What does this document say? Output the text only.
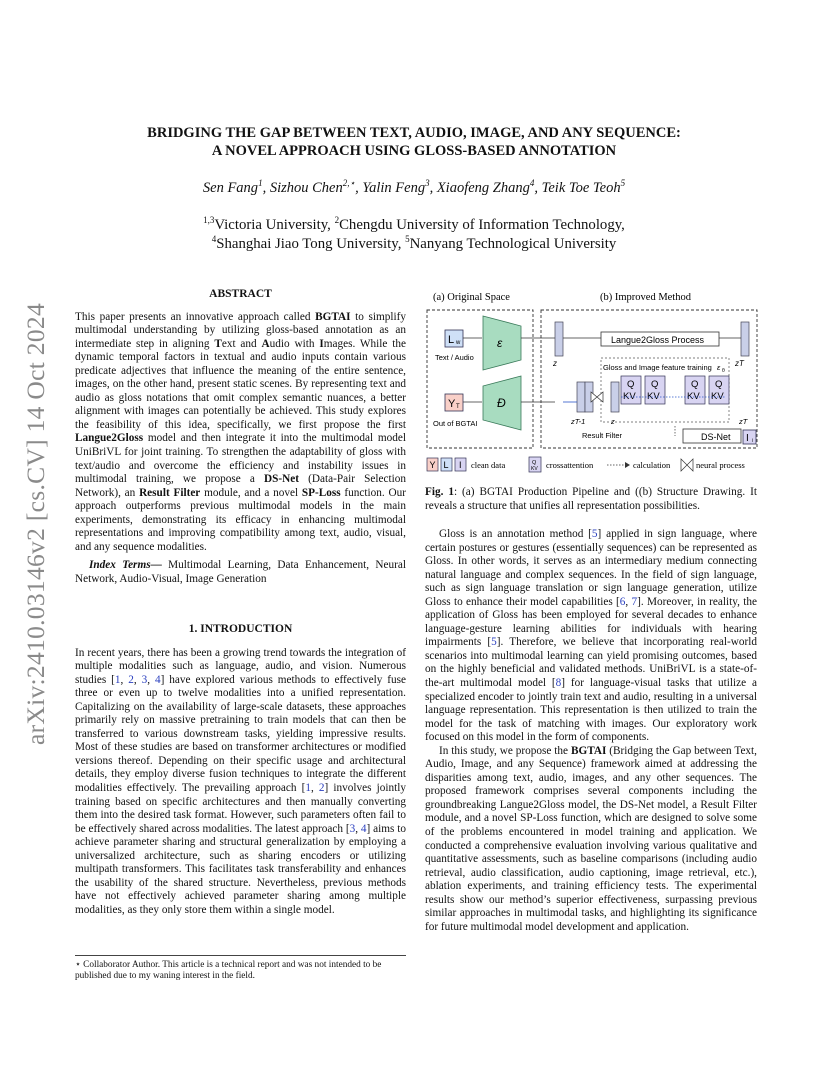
arXiv:2410.03146v2 [cs.CV] 14 Oct 2024
BRIDGING THE GAP BETWEEN TEXT, AUDIO, IMAGE, AND ANY SEQUENCE:
A NOVEL APPROACH USING GLOSS-BASED ANNOTATION
Sen Fang$^1$, Sizhou Chen$^{2,⋆}$, Yalin Feng$^3$, Xiaofeng Zhang$^4$, Teik Toe Teoh$^5$
$^{1,3}$Victoria University, $^2$Chengdu University of Information Technology,
$^4$Shanghai Jiao Tong University, $^5$Nanyang Technological University
ABSTRACT

This paper presents an innovative approach called BGTAI to simplify multimodal understanding by utilizing gloss-based annotation as an intermediate step in aligning Text and Audio with Images. While the dynamic temporal factors in textual and audio inputs contain various predicate adjectives that influence the meaning of the entire sentence, images, on the other hand, present static scenes. By representing text and audio as gloss notations that omit complex semantic nuances, a better alignment with images can potentially be achieved. This study explores the feasibility of this idea, specifically, we first propose the first Langue2Gloss model and then integrate it into the multimodal model UniBriVL for joint training. To strengthen the adaptability of gloss with text/audio and overcome the efficiency and instability issues in multimodal training, we propose a DS-Net (Data-Pair Selection Network), an Result Filter module, and a novel SP-Loss function. Our approach outperforms previous multimodal models in the main experiments, demonstrating its efficacy in enhancing multimodal representations and improving compatibility among text, audio, visual, and any sequence modalities.

Index Terms— Multimodal Learning, Data Enhancement, Neural Network, Audio-Visual, Image Generation

1. INTRODUCTION

In recent years, there has been a growing trend towards the integration of multiple modalities such as language, audio, and vision. Numerous studies [1, 2, 3, 4] have explored various methods to effectively fuse three or even up to twelve modalities into a unified representation. Capitalizing on the availability of large-scale datasets, these approaches primarily rely on massive pretraining to train models that can then be transferred to various downstream tasks, yielding impressive results. Most of these studies are based on transformer architectures or modified versions thereof. Depending on their specific usage and architectural details, they employ diverse fusion techniques to integrate the different modalities effectively. The prevailing approach [1, 2] involves jointly training based on specific architectures and then manually converting them into the desired task format. However, such parameters often fail to be effectively shared across modalities. The latest approach [3, 4] aims to achieve parameter sharing and structural generalization by employing a universalized architecture, such as sharing encoders or utilizing multipath transformers. This facilitates task transferability and enhances the usability of the shared structure. Nevertheless, previous methods have not effectively achieved parameter sharing among multiple modalities, as they only store them within a single model.

⋆ Collaborator Author. This article is a technical report and was not intended to be published due to my waning interest in the field.
(a) Original Space	(b) Improved Method
L w
Text / Audio
Y T
Out of BGTAI
ε
Đ
z	zT
Langue2Gloss Process
Gloss and Image feature training ε θ
Q
KV
Q
KV
Q
KV
Q
KV
zT-1	z	zT
Result Filter	DS-Net I i
Y L I clean data	Q
KV crossattention	calculation	neural process
Fig. 1: (a) BGTAI Production Pipeline and ((b) Structure Drawing. It reveals a structure that unifies all representation possibilities.

Gloss is an annotation method [5] applied in sign language, where certain postures or gestures (essentially sequences) can be represented as Gloss. In other words, it serves as an intermediary medium connecting natural language and complex sequences. In the field of sign language, such as sign language translation or sign language generation, utilize Gloss to enhance their model capabilities [6, 7]. Moreover, in reality, the application of Gloss has been employed for several decades to enhance language-gesture learning abilities for individuals with hearing impairments [5]. Therefore, we believe that incorporating real-world scenarios into multimodal learning can yield promising outcomes, based on the highly beneficial and validated methods. UniBriVL is a state-of-the-art multimodal model [8] for language-visual tasks that utilize a specialized encoder to jointly train text and audio, resulting in a universal language representation. This representation is then utilized to train the model for the task of matching with images. Our exploratory work focused on this model in the form of components.

In this study, we propose the BGTAI (Bridging the Gap between Text, Audio, Image, and any Sequence) framework aimed at addressing the disparities among text, audio, images, and any other sequences. The proposed framework comprises several components including the groundbreaking Langue2Gloss model, the DS-Net model, a Result Filter module, and a novel SP-Loss function, which are designed to solve some of the problems encountered in model training and application. We conducted a comprehensive evaluation involving various qualitative and quantitative assessments, such as baseline comparisons (including audio retrieval, audio classification, audio captioning, image retrieval, etc.), ablation experiments, and training efficiency tests. The experimental results show our method’s superior effectiveness, surpassing previous similar approaches in multimodal tasks, and highlighting its significance for future multimodal model development and application.
